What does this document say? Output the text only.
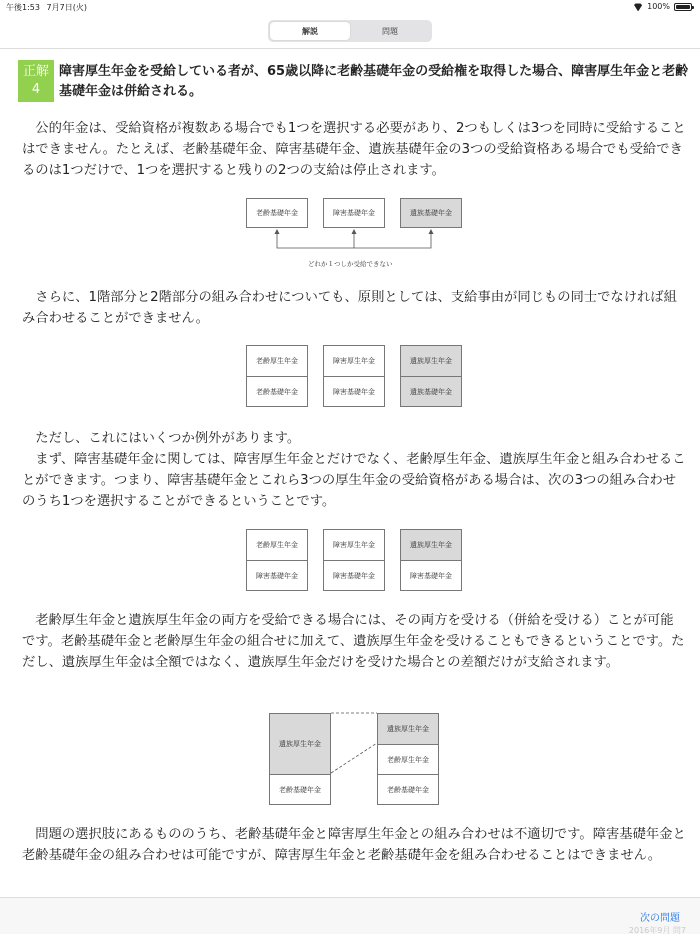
午後1:53 7月7日(火)	100%
解説	問題
正解
4
障害厚生年金を受給している者が、65歳以降に老齢基礎年金の受給権を取得した場合、障害厚生年金と老齢基礎年金は併給される。
　公的年金は、受給資格が複数ある場合でも1つを選択する必要があり、2つもしくは3つを同時に受給することはできません。たとえば、老齢基礎年金、障害基礎年金、遺族基礎年金の3つの受給資格ある場合でも受給できるのは1つだけで、1つを選択すると残りの2つの支給は停止されます。
老齢基礎年金	障害基礎年金	遺族基礎年金
どれか１つしか受給できない
　さらに、1階部分と2階部分の組み合わせについても、原則としては、支給事由が同じもの同士でなければ組み合わせることができません。
老齢厚生年金
老齢基礎年金
障害厚生年金
障害基礎年金
遺族厚生年金
遺族基礎年金
　ただし、これにはいくつか例外があります。
　まず、障害基礎年金に関しては、障害厚生年金とだけでなく、老齢厚生年金、遺族厚生年金と組み合わせることができます。つまり、障害基礎年金とこれら3つの厚生年金の受給資格がある場合は、次の3つの組み合わせのうち1つを選択することができるということです。
老齢厚生年金
障害基礎年金
障害厚生年金
障害基礎年金
遺族厚生年金
障害基礎年金
　老齢厚生年金と遺族厚生年金の両方を受給できる場合には、その両方を受ける（併給を受ける）ことが可能です。老齢基礎年金と老齢厚生年金の組合せに加えて、遺族厚生年金を受けることもできるということです。ただし、遺族厚生年金は全額ではなく、遺族厚生年金だけを受けた場合との差額だけが支給されます。
遺族厚生年金
老齢基礎年金
遺族厚生年金
老齢厚生年金
老齢基礎年金
　問題の選択肢にあるもののうち、老齢基礎年金と障害厚生年金との組み合わせは不適切です。障害基礎年金と老齢基礎年金の組み合わせは可能ですが、障害厚生年金と老齢基礎年金を組み合わせることはできません。
次の問題
2016年9月 問7
